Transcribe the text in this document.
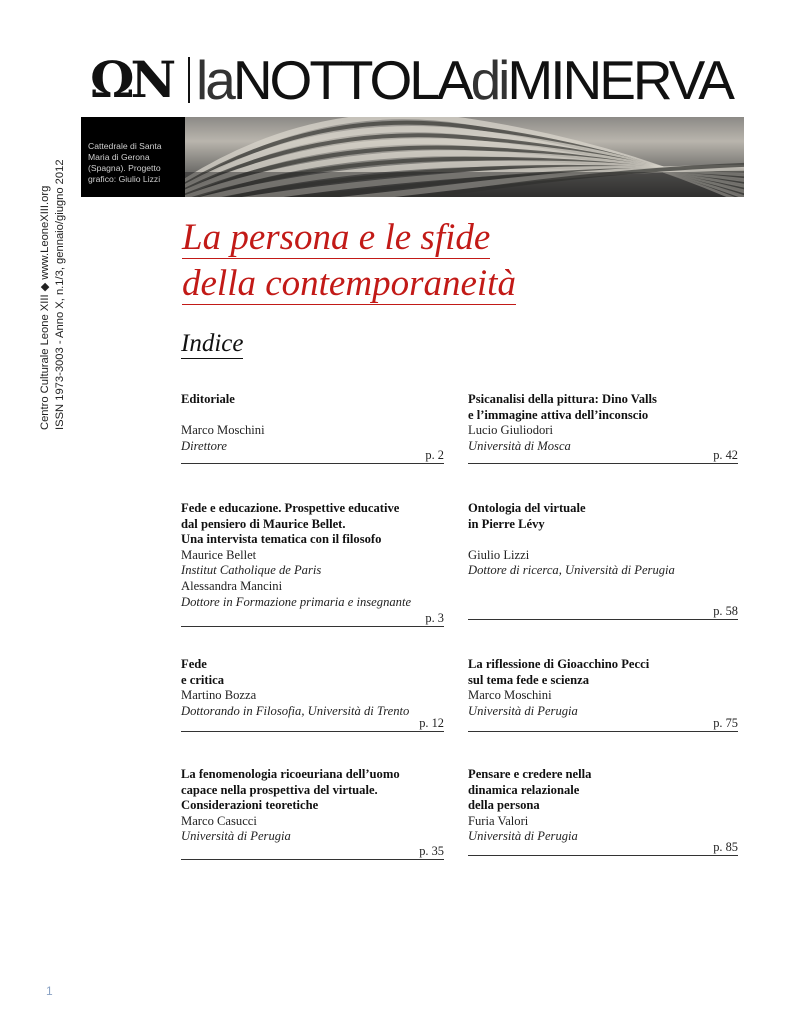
ΩN laNOTTOLAdiMINERVA
Cattedrale di Santa Maria di Gerona (Spagna). Progetto grafico: Giulio Lizzi
Centro Culturale Leone XIII ◆ www.LeoneXIII.org ISSN 1973-3003 - Anno X, n.1/3, gennaio/giugno 2012	La persona e le sfide
della contemporaneità
Indice
Editoriale
Marco Moschini
Direttore
p. 2
Fede e educazione. Prospettive educative
dal pensiero di Maurice Bellet.
Una intervista tematica con il filosofo
Maurice Bellet
Institut Catholique de Paris
Alessandra Mancini
Dottore in Formazione primaria e insegnante
p. 3
Fede
e critica
Martino Bozza
Dottorando in Filosofia, Università di Trento
p. 12
La fenomenologia ricoeuriana dell’uomo
capace nella prospettiva del virtuale.
Considerazioni teoretiche
Marco Casucci
Università di Perugia
p. 35
Psicanalisi della pittura: Dino Valls
e l’immagine attiva dell’inconscio
Lucio Giuliodori
Università di Mosca
p. 42
Ontologia del virtuale
in Pierre Lévy
Giulio Lizzi
Dottore di ricerca, Università di Perugia
p. 58
La riflessione di Gioacchino Pecci
sul tema fede e scienza
Marco Moschini
Università di Perugia
p. 75
Pensare e credere nella
dinamica relazionale
della persona
Furia Valori
Università di Perugia
p. 85
1
